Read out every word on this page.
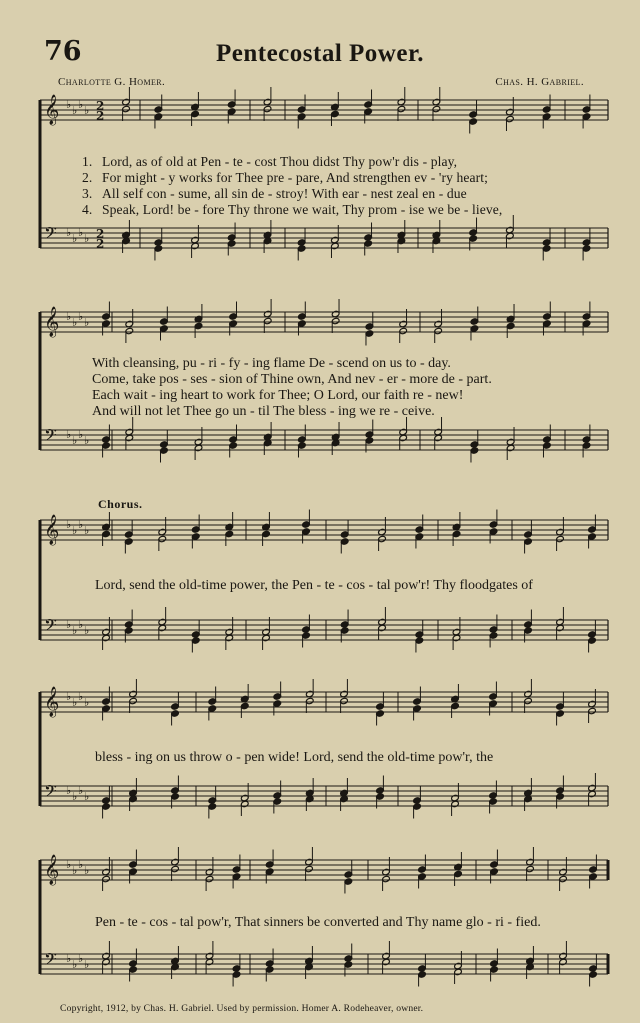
76	Pentecostal Power.
Charlotte G. Homer.	Chas. H. Gabriel.
𝄞 ♭ ♭ ♭ ♭ 2
2
𝄢 ♭ ♭ ♭ ♭ 2
2
𝄞 ♭ ♭ ♭ ♭
𝄢 ♭ ♭ ♭ ♭
𝄞 ♭ ♭ ♭ ♭
𝄢 ♭ ♭ ♭ ♭
𝄞 ♭ ♭ ♭ ♭
𝄢 ♭ ♭ ♭ ♭
𝄞 ♭ ♭ ♭ ♭
𝄢 ♭ ♭ ♭ ♭
1. Lord, as of old at Pen - te - cost Thou didst Thy pow'r dis - play,
2. For might - y works for Thee pre - pare, And strengthen ev - 'ry heart;
3. All self con - sume, all sin de - stroy! With ear - nest zeal en - due
4. Speak, Lord! be - fore Thy throne we wait, Thy prom - ise we be - lieve,
With cleansing, pu - ri - fy - ing flame De - scend on us to - day.
Come, take pos - ses - sion of Thine own, And nev - er - more de - part.
Each wait - ing heart to work for Thee; O Lord, our faith re - new!
And will not let Thee go un - til The bless - ing we re - ceive.
Chorus.
Lord, send the old-time power, the Pen - te - cos - tal pow'r! Thy floodgates of
bless - ing on us throw o - pen wide! Lord, send the old-time pow'r, the
Pen - te - cos - tal pow'r, That sinners be converted and Thy name glo - ri - fied.
Copyright, 1912, by Chas. H. Gabriel. Used by permission. Homer A. Rodeheaver, owner.
